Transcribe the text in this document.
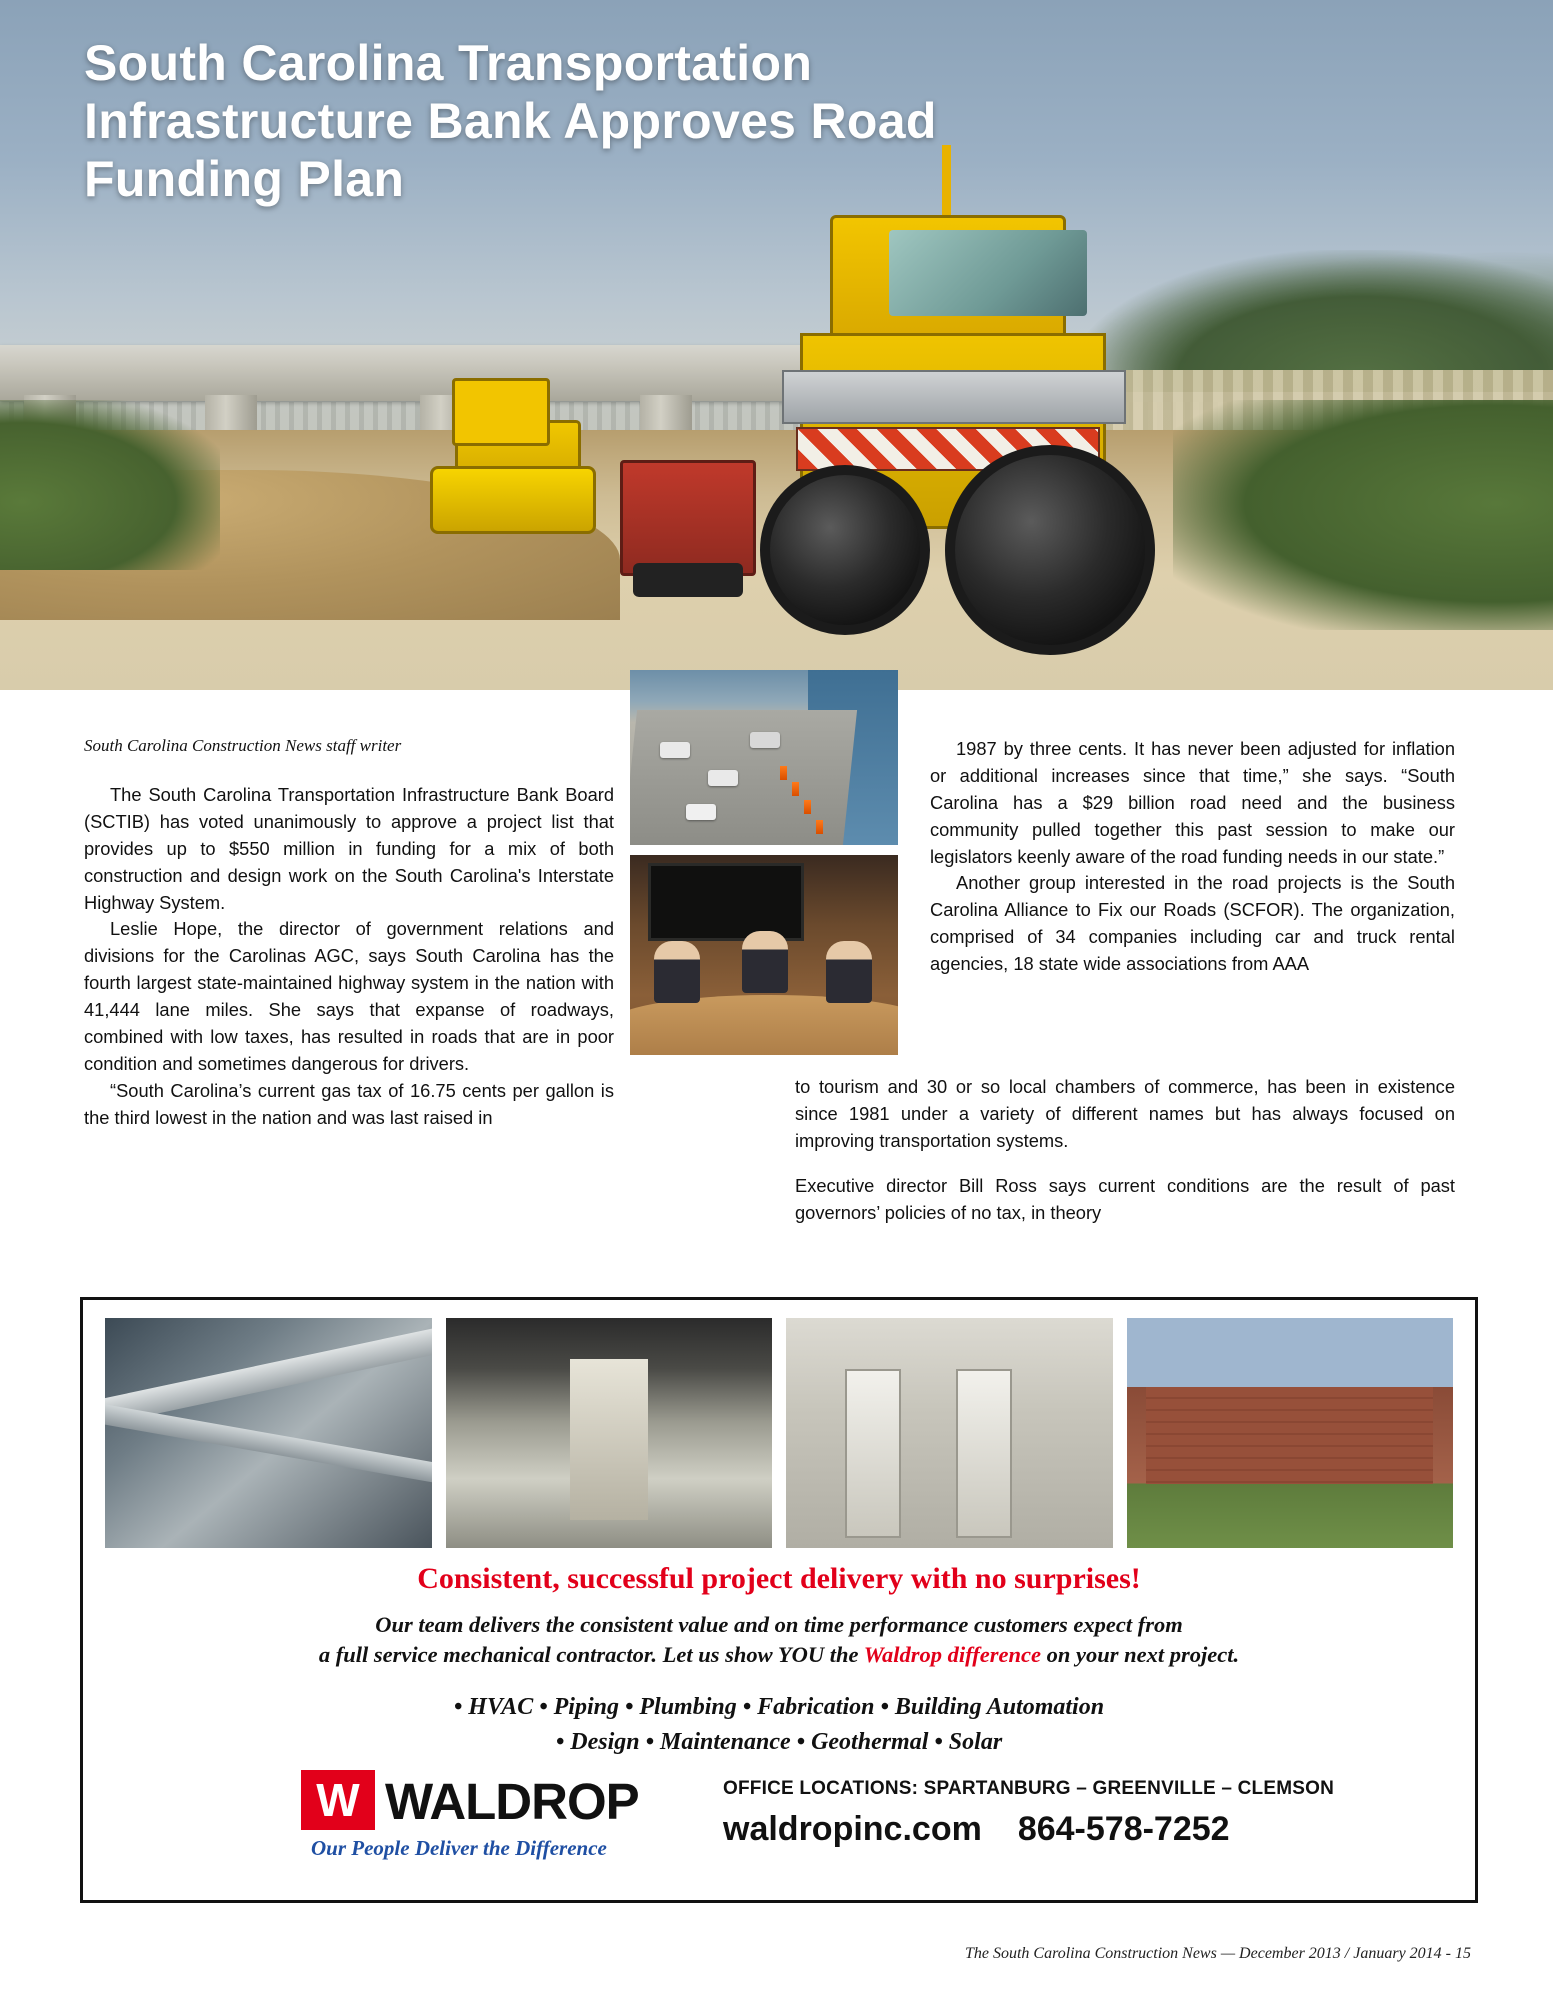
South Carolina Transportation Infrastructure Bank Approves Road Funding Plan
South Carolina Construction News staff writer

The South Carolina Transportation Infrastructure Bank Board (SCTIB) has voted unanimously to approve a project list that provides up to $550 million in funding for a mix of both construction and design work on the South Carolina's Interstate Highway System.

Leslie Hope, the director of government relations and divisions for the Carolinas AGC, says South Carolina has the fourth largest state-maintained highway system in the nation with 41,444 lane miles. She says that expanse of roadways, combined with low taxes, has resulted in roads that are in poor condition and sometimes dangerous for drivers.

“South Carolina’s current gas tax of 16.75 cents per gallon is the third lowest in the nation and was last raised in

1987 by three cents. It has never been adjusted for inflation or additional increases since that time,” she says. “South Carolina has a $29 billion road need and the business community pulled together this past session to make our legislators keenly aware of the road funding needs in our state.”

Another group interested in the road projects is the South Carolina Alliance to Fix our Roads (SCFOR). The organization, comprised of 34 companies including car and truck rental agencies, 18 state wide associations from AAA

to tourism and 30 or so local chambers of commerce, has been in existence since 1981 under a variety of different names but has always focused on improving transportation systems.

Executive director Bill Ross says current conditions are the result of past governors’ policies of no tax, in theory

Consistent, successful project delivery with no surprises!
Our team delivers the consistent value and on time performance customers expect from
a full service mechanical contractor. Let us show YOU the Waldrop difference on your next project.
• HVAC • Piping • Plumbing • Fabrication • Building Automation
• Design • Maintenance • Geothermal • Solar
W WALDROP
Our People Deliver the Difference
OFFICE LOCATIONS: SPARTANBURG – GREENVILLE – CLEMSON
waldropinc.com 864-578-7252
The South Carolina Construction News — December 2013 / January 2014 - 15
